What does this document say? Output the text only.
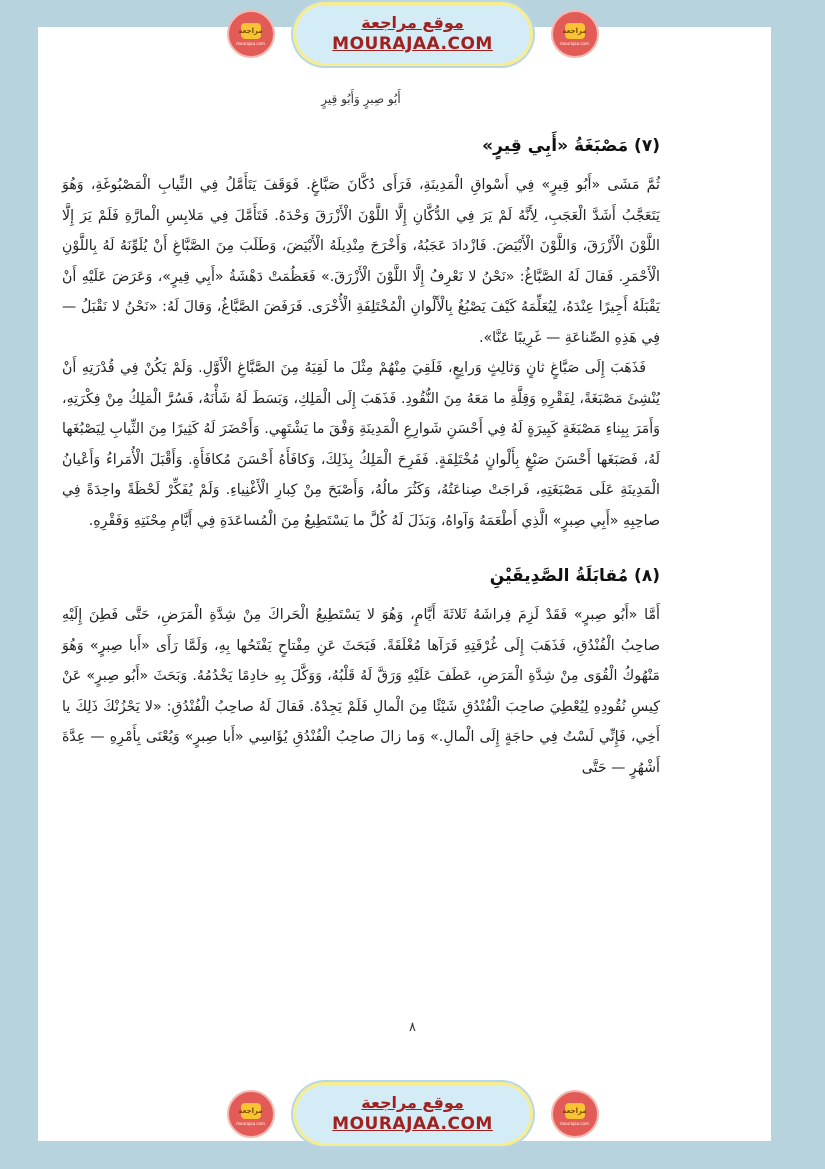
مراجعة
mourajaa.com
موقع مراجعة
MOURAJAA.COM
مراجعة
mourajaa.com
أَبُو صِبرٍ وَأَبُو قِيرٍ
(٧) مَصْبَغَةُ «أَبِي قِيرٍ»

ثُمَّ مَشَى «أَبُو قِيرٍ» فِي أَسْواقِ الْمَدِينَةِ، فَرَأَى دُكَّانَ صَبَّاغٍ. فَوَقَفَ يَتَأَمَّلُ فِي الثِّيابِ الْمَصْبُوغَةِ، وَهُوَ يَتَعَجَّبُ أَشَدَّ الْعَجَبِ، لِأَنَّهُ لَمْ يَرَ فِي الدُّكَّانِ إِلَّا اللَّوْنَ الْأَزْرَقَ وَحْدَهُ. فَتَأَمَّلَ فِي مَلابِسِ الْمارَّةِ فَلَمْ يَرَ إِلَّا اللَّوْنَ الْأَزْرَقَ، وَاللَّوْنَ الْأَبْيَضَ. فَازْدادَ عَجَبُهُ، وَأَخْرَجَ مِنْدِيلَهُ الْأَبْيَضَ، وَطَلَبَ مِنَ الصَّبَّاغِ أَنْ يُلَوِّنَهُ لَهُ بِاللَّوْنِ الْأَحْمَرِ. فَقالَ لَهُ الصَّبَّاغُ: «نَحْنُ لا نَعْرِفُ إِلَّا اللَّوْنَ الْأَزْرَقَ.» فَعَظُمَتْ دَهْشَةُ «أَبِي قِيرٍ»، وَعَرَضَ عَلَيْهِ أَنْ يَقْبَلَهُ أَجِيرًا عِنْدَهُ، لِيُعَلِّمَهُ كَيْفَ يَصْبُغُ بِالْأَلْوانِ الْمُخْتَلِفَةِ الْأُخْرَى. فَرَفَضَ الصَّبَّاغُ، وَقالَ لَهُ: «نَحْنُ لا نَقْبَلُ — فِي هَذِهِ الصِّناعَةِ — غَرِيبًا عَنَّا».

فَذَهَبَ إِلَى صَبَّاغٍ ثانٍ وَثالِثٍ وَرابِعٍ، فَلَقِيَ مِنْهُمْ مِثْلَ ما لَقِيَهُ مِنَ الصَّبَّاغِ الْأَوَّلِ. وَلَمْ يَكُنْ فِي قُدْرَتِهِ أَنْ يُنْشِئَ مَصْبَغَةً، لِفَقْرِهِ وَقِلَّةِ ما مَعَهُ مِنَ النُّقُودِ. فَذَهَبَ إِلَى الْمَلِكِ، وَبَسَطَ لَهُ شَأْنَهُ، فَسُرَّ الْمَلِكُ مِنْ فِكْرَتِهِ، وَأَمَرَ بِبِناءِ مَصْبَغَةٍ كَبِيرَةٍ لَهُ فِي أَحْسَنِ شَوارِعِ الْمَدِينَةِ وَفْقَ ما يَشْتَهِي. وَأَحْضَرَ لَهُ كَثِيرًا مِنَ الثِّيابِ لِيَصْبُغَها لَهُ، فَصَبَغَها أَحْسَنَ صَبْغٍ بِأَلْوانٍ مُخْتَلِفَةٍ. فَفَرِحَ الْمَلِكُ بِذَلِكَ، وَكافَأَهُ أَحْسَنَ مُكافَأَةٍ. وَأَقْبَلَ الْأُمَراءُ وَأَعْيانُ الْمَدِينَةِ عَلَى مَصْبَغَتِهِ، فَراجَتْ صِناعَتُهُ، وَكَثُرَ مالُهُ، وَأَصْبَحَ مِنْ كِبارِ الْأَغْنِياءِ. وَلَمْ يُفَكِّرْ لَحْظَةً واحِدَةً فِي صاحِبِهِ «أَبِي صِبرٍ» الَّذِي أَطْعَمَهُ وَآواهُ، وَبَذَلَ لَهُ كُلَّ ما يَسْتَطِيعُ مِنَ الْمُساعَدَةِ فِي أَيَّامِ مِحْنَتِهِ وَفَقْرِهِ.

(٨) مُقابَلَةُ الصَّدِيقَيْنِ

أَمَّا «أَبُو صِبرٍ» فَقَدْ لَزِمَ فِراشَهُ ثَلاثَةَ أَيَّامٍ، وَهُوَ لا يَسْتَطِيعُ الْحَراكَ مِنْ شِدَّةِ الْمَرَضِ، حَتَّى فَطِنَ إِلَيْهِ صاحِبُ الْفُنْدُقِ، فَذَهَبَ إِلَى غُرْفَتِهِ فَرَآها مُغْلَقَةً. فَبَحَثَ عَنِ مِفْتاحٍ يَفْتَحُها بِهِ، وَلَمَّا رَأَى «أَبا صِبرٍ» وَهُوَ مَنْهُوكُ الْقُوَى مِنْ شِدَّةِ الْمَرَضِ، عَطَفَ عَلَيْهِ وَرَقَّ لَهُ قَلْبُهُ، وَوَكَّلَ بِهِ خادِمًا يَخْدُمُهُ. وَبَحَثَ «أَبُو صِبرٍ» عَنْ كِيسِ نُقُودِهِ لِيُعْطِيَ صاحِبَ الْفُنْدُقِ شَيْئًا مِنَ الْمالِ فَلَمْ يَجِدْهُ. فَقالَ لَهُ صاحِبُ الْفُنْدُقِ: «لا يَحْزُنْكَ ذَلِكَ يا أَخِي، فَإِنِّي لَسْتُ فِي حاجَةٍ إِلَى الْمالِ.» وَما زالَ صاحِبُ الْفُنْدُقِ يُؤَاسِي «أَبا صِبرٍ» وَيُعْنَى بِأَمْرِهِ — عِدَّةَ أَشْهُرٍ — حَتَّى

٨
مراجعة
mourajaa.com
موقع مراجعة
MOURAJAA.COM
مراجعة
mourajaa.com
